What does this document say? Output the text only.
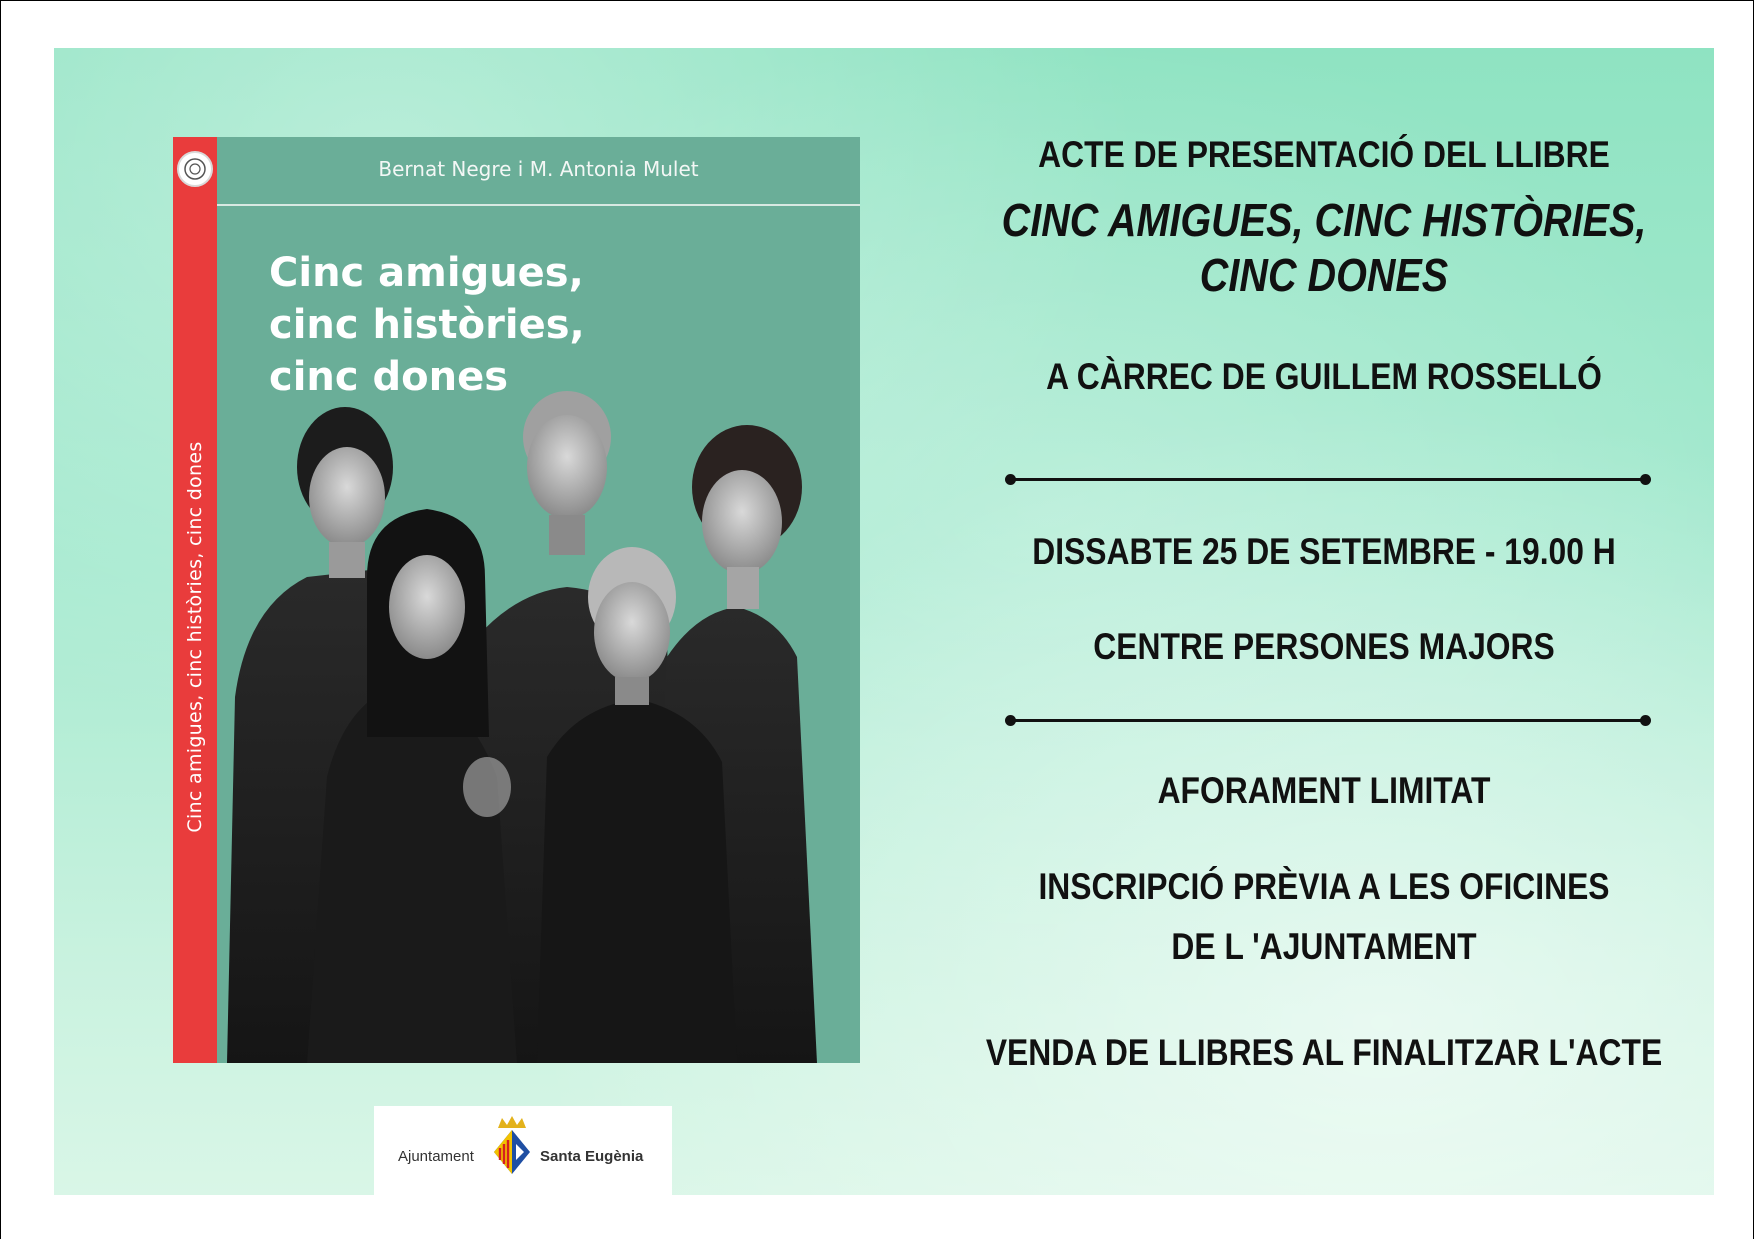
Cinc amigues, cinc històries, cinc dones
Bernat Negre i M. Antonia Mulet
Cinc amigues,
cinc històries,
cinc dones
Ajuntament	Santa Eugènia
ACTE DE PRESENTACIÓ DEL LLIBRE
CINC AMIGUES, CINC HISTÒRIES,
CINC DONES
A CÀRREC DE GUILLEM ROSSELLÓ
DISSABTE 25 DE SETEMBRE - 19.00 H
CENTRE PERSONES MAJORS
AFORAMENT LIMITAT
INSCRIPCIÓ PRÈVIA A LES OFICINES
DE L 'AJUNTAMENT
VENDA DE LLIBRES AL FINALITZAR L'ACTE
